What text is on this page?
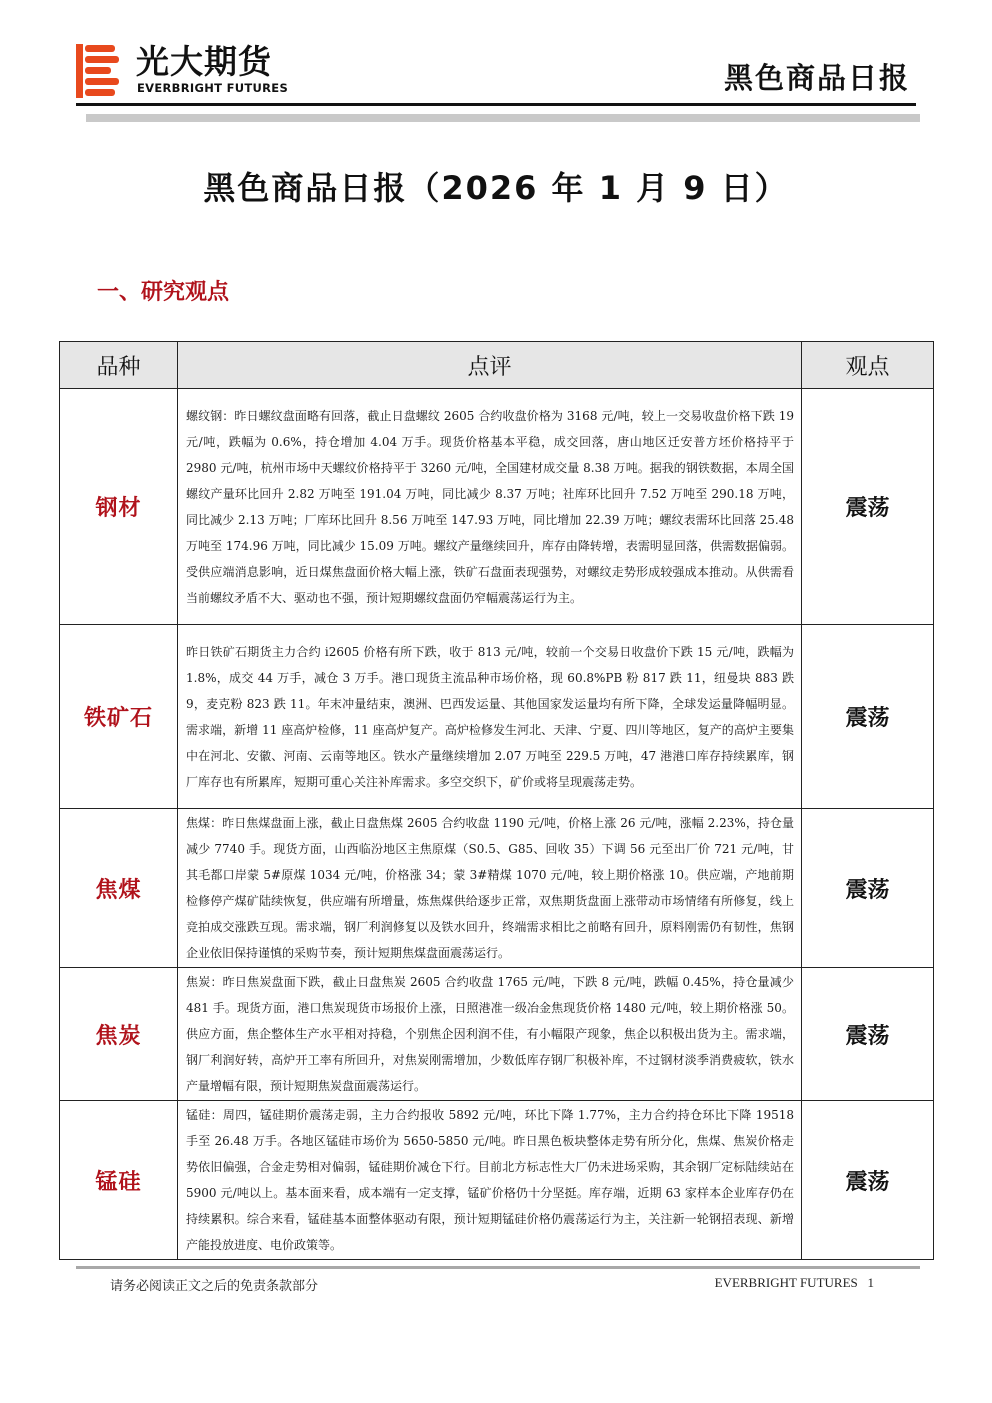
光大期货
EVERBRIGHT FUTURES	黑色商品日报
黑色商品日报（2026 年 1 月 9 日）
一、研究观点
品种	点评	观点
钢材	螺纹钢：昨日螺纹盘面略有回落，截止日盘螺纹 2605 合约收盘价格为 3168 元/吨，较上一交易收盘价格下跌 19 元/吨，跌幅为 0.6%，持仓增加 4.04 万手。现货价格基本平稳，成交回落，唐山地区迁安普方坯价格持平于 2980 元/吨，杭州市场中天螺纹价格持平于 3260 元/吨，全国建材成交量 8.38 万吨。据我的钢铁数据，本周全国螺纹产量环比回升 2.82 万吨至 191.04 万吨，同比减少 8.37 万吨；社库环比回升 7.52 万吨至 290.18 万吨，同比减少 2.13 万吨；厂库环比回升 8.56 万吨至 147.93 万吨，同比增加 22.39 万吨；螺纹表需环比回落 25.48 万吨至 174.96 万吨，同比减少 15.09 万吨。螺纹产量继续回升，库存由降转增，表需明显回落，供需数据偏弱。受供应端消息影响，近日煤焦盘面价格大幅上涨，铁矿石盘面表现强势，对螺纹走势形成较强成本推动。从供需看当前螺纹矛盾不大、驱动也不强，预计短期螺纹盘面仍窄幅震荡运行为主。	震荡
铁矿石	昨日铁矿石期货主力合约 i2605 价格有所下跌，收于 813 元/吨，较前一个交易日收盘价下跌 15 元/吨，跌幅为 1.8%，成交 44 万手，减仓 3 万手。港口现货主流品种市场价格，现 60.8%PB 粉 817 跌 11，纽曼块 883 跌 9，麦克粉 823 跌 11。年末冲量结束，澳洲、巴西发运量、其他国家发运量均有所下降，全球发运量降幅明显。需求端，新增 11 座高炉检修，11 座高炉复产。高炉检修发生河北、天津、宁夏、四川等地区，复产的高炉主要集中在河北、安徽、河南、云南等地区。铁水产量继续增加 2.07 万吨至 229.5 万吨，47 港港口库存持续累库，钢厂库存也有所累库，短期可重心关注补库需求。多空交织下，矿价或将呈现震荡走势。	震荡
焦煤	焦煤：昨日焦煤盘面上涨，截止日盘焦煤 2605 合约收盘 1190 元/吨，价格上涨 26 元/吨，涨幅 2.23%，持仓量减少 7740 手。现货方面，山西临汾地区主焦原煤（S0.5、G85、回收 35）下调 56 元至出厂价 721 元/吨，甘其毛都口岸蒙 5#原煤 1034 元/吨，价格涨 34；蒙 3#精煤 1070 元/吨，较上期价格涨 10。供应端，产地前期检修停产煤矿陆续恢复，供应端有所增量，炼焦煤供给逐步正常，双焦期货盘面上涨带动市场情绪有所修复，线上竞拍成交涨跌互现。需求端，钢厂利润修复以及铁水回升，终端需求相比之前略有回升，原料刚需仍有韧性，焦钢企业依旧保持谨慎的采购节奏，预计短期焦煤盘面震荡运行。	震荡
焦炭	焦炭：昨日焦炭盘面下跌，截止日盘焦炭 2605 合约收盘 1765 元/吨，下跌 8 元/吨，跌幅 0.45%，持仓量减少 481 手。现货方面，港口焦炭现货市场报价上涨，日照港准一级冶金焦现货价格 1480 元/吨，较上期价格涨 50。供应方面，焦企整体生产水平相对持稳，个别焦企因利润不佳，有小幅限产现象，焦企以积极出货为主。需求端，钢厂利润好转，高炉开工率有所回升，对焦炭刚需增加，少数低库存钢厂积极补库，不过钢材淡季消费疲软，铁水产量增幅有限，预计短期焦炭盘面震荡运行。	震荡
锰硅	锰硅：周四，锰硅期价震荡走弱，主力合约报收 5892 元/吨，环比下降 1.77%，主力合约持仓环比下降 19518 手至 26.48 万手。各地区锰硅市场价为 5650-5850 元/吨。昨日黑色板块整体走势有所分化，焦煤、焦炭价格走势依旧偏强，合金走势相对偏弱，锰硅期价减仓下行。目前北方标志性大厂仍未进场采购，其余钢厂定标陆续站在 5900 元/吨以上。基本面来看，成本端有一定支撑，锰矿价格仍十分坚挺。库存端，近期 63 家样本企业库存仍在持续累积。综合来看，锰硅基本面整体驱动有限，预计短期锰硅价格仍震荡运行为主，关注新一轮钢招表现、新增产能投放进度、电价政策等。	震荡
请务必阅读正文之后的免责条款部分	EVERBRIGHT FUTURES 1
